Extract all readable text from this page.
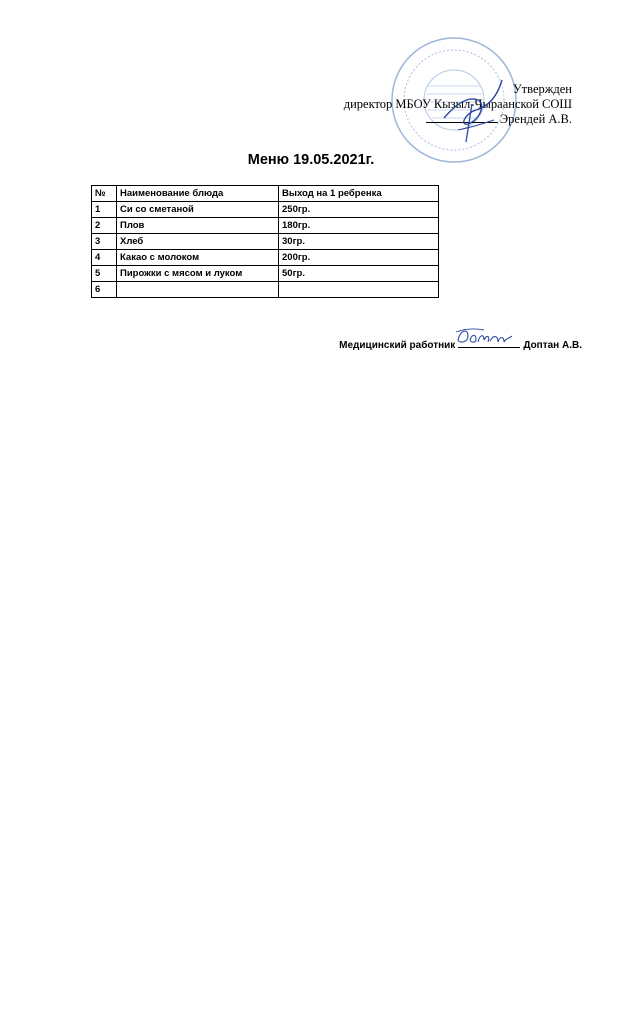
Утвержден
директор МБОУ Кызыл-Чыраанской СОШ
Эрендей А.В.
Меню 19.05.2021г.
№	Наименование блюда	Выход на 1 ребренка
1	Си со сметаной	250гр.
2	Плов	180гр.
3	Хлеб	30гр.
4	Какао с молоком	200гр.
5	Пирожки с мясом и луком	50гр.
6		
Медицинский работник	Доптан А.В.
